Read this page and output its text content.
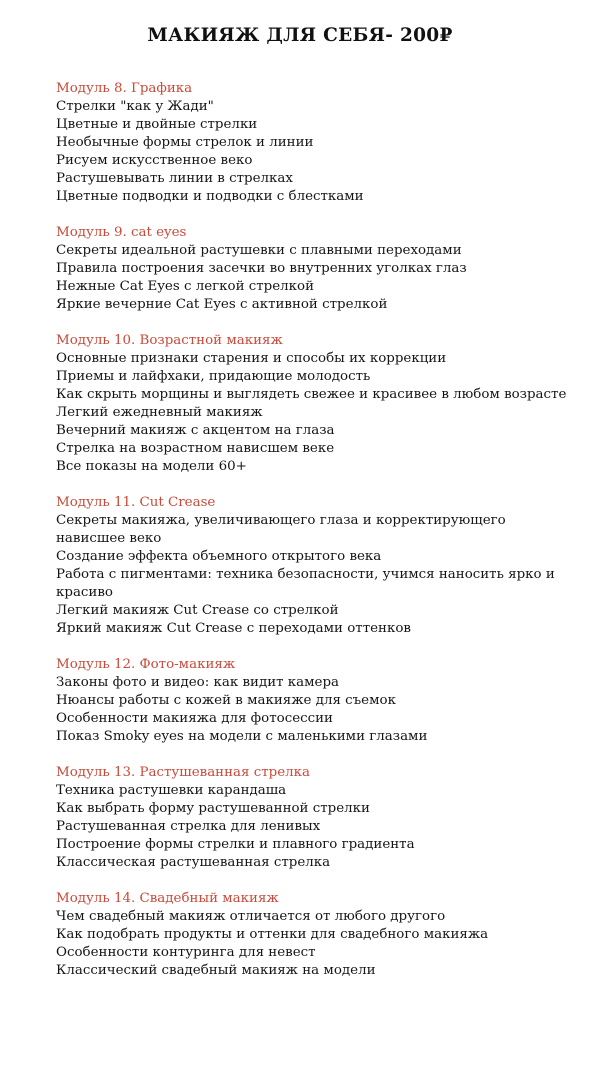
МАКИЯЖ ДЛЯ СЕБЯ- 200₽
Модуль 8. Графика
Стрелки "как у Жади"
Цветные и двойные стрелки
Необычные формы стрелок и линии
Рисуем искусственное веко
Растушевывать линии в стрелках
Цветные подводки и подводки с блестками
Модуль 9. cat eyes
Секреты идеальной растушевки с плавными переходами
Правила построения засечки во внутренних уголках глаз
Нежные Cat Eyes с легкой стрелкой
Яркие вечерние Cat Eyes с активной стрелкой
Модуль 10. Возрастной макияж
Основные признаки старения и способы их коррекции
Приемы и лайфхаки, придающие молодость
Как скрыть морщины и выглядеть свежее и красивее в любом возрасте
Легкий ежедневный макияж
Вечерний макияж с акцентом на глаза
Стрелка на возрастном нависшем веке
Все показы на модели 60+
Модуль 11. Cut Crease
Секреты макияжа, увеличивающего глаза и корректирующего нависшее веко
Создание эффекта объемного открытого века
Работа с пигментами: техника безопасности, учимся наносить ярко и красиво
Легкий макияж Cut Crease со стрелкой
Яркий макияж Cut Crease с переходами оттенков
Модуль 12. Фото-макияж
Законы фото и видео: как видит камера
Нюансы работы с кожей в макияже для съемок
Особенности макияжа для фотосессии
Показ Smoky eyes на модели с маленькими глазами
Модуль 13. Растушеванная стрелка
Техника растушевки карандаша
Как выбрать форму растушеванной стрелки
Растушеванная стрелка для ленивых
Построение формы стрелки и плавного градиента
Классическая растушеванная стрелка
Модуль 14. Свадебный макияж
Чем свадебный макияж отличается от любого другого
Как подобрать продукты и оттенки для свадебного макияжа
Особенности контуринга для невест
Классический свадебный макияж на модели
